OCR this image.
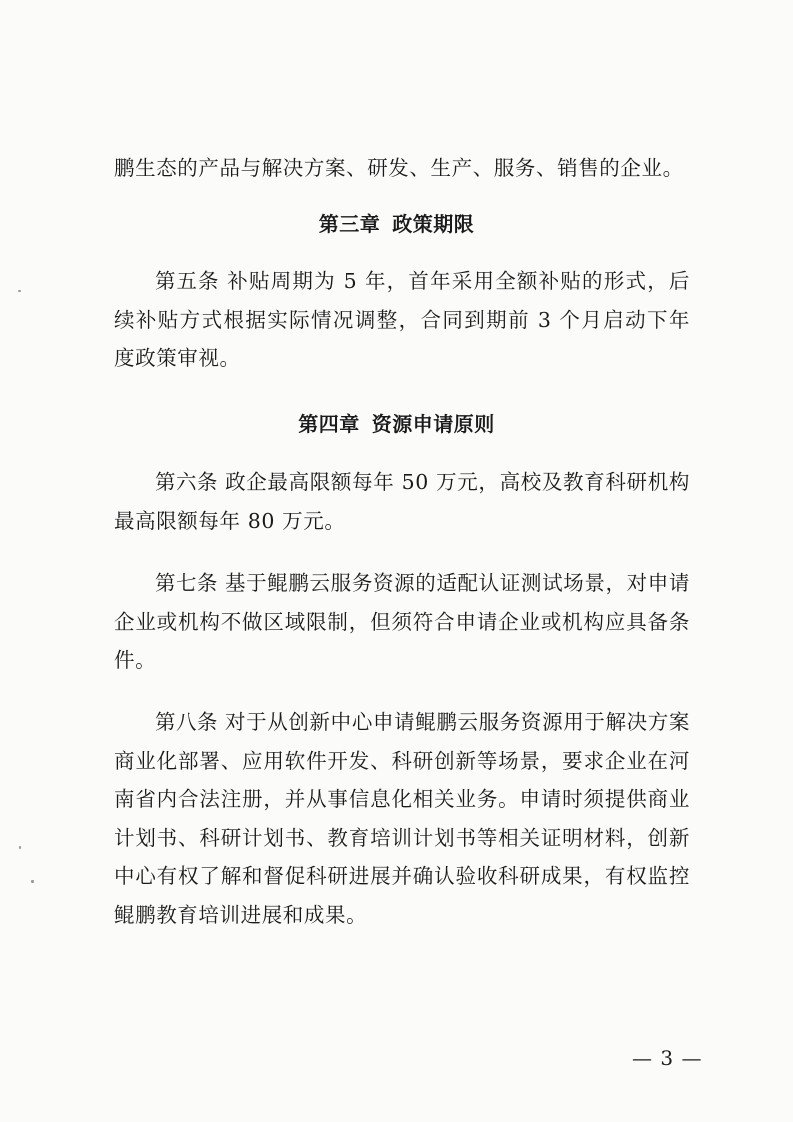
鹏生态的产品与解决方案、研发、生产、服务、销售的企业。

第三章 政策期限

第五条 补贴周期为 5 年，首年采用全额补贴的形式，后续补贴方式根据实际情况调整，合同到期前 3 个月启动下年度政策审视。

第四章 资源申请原则

第六条 政企最高限额每年 50 万元，高校及教育科研机构最高限额每年 80 万元。

第七条 基于鲲鹏云服务资源的适配认证测试场景，对申请企业或机构不做区域限制，但须符合申请企业或机构应具备条件。

第八条 对于从创新中心申请鲲鹏云服务资源用于解决方案商业化部署、应用软件开发、科研创新等场景，要求企业在河南省内合法注册，并从事信息化相关业务。申请时须提供商业计划书、科研计划书、教育培训计划书等相关证明材料，创新中心有权了解和督促科研进展并确认验收科研成果，有权监控鲲鹏教育培训进展和成果。

— 3 —
